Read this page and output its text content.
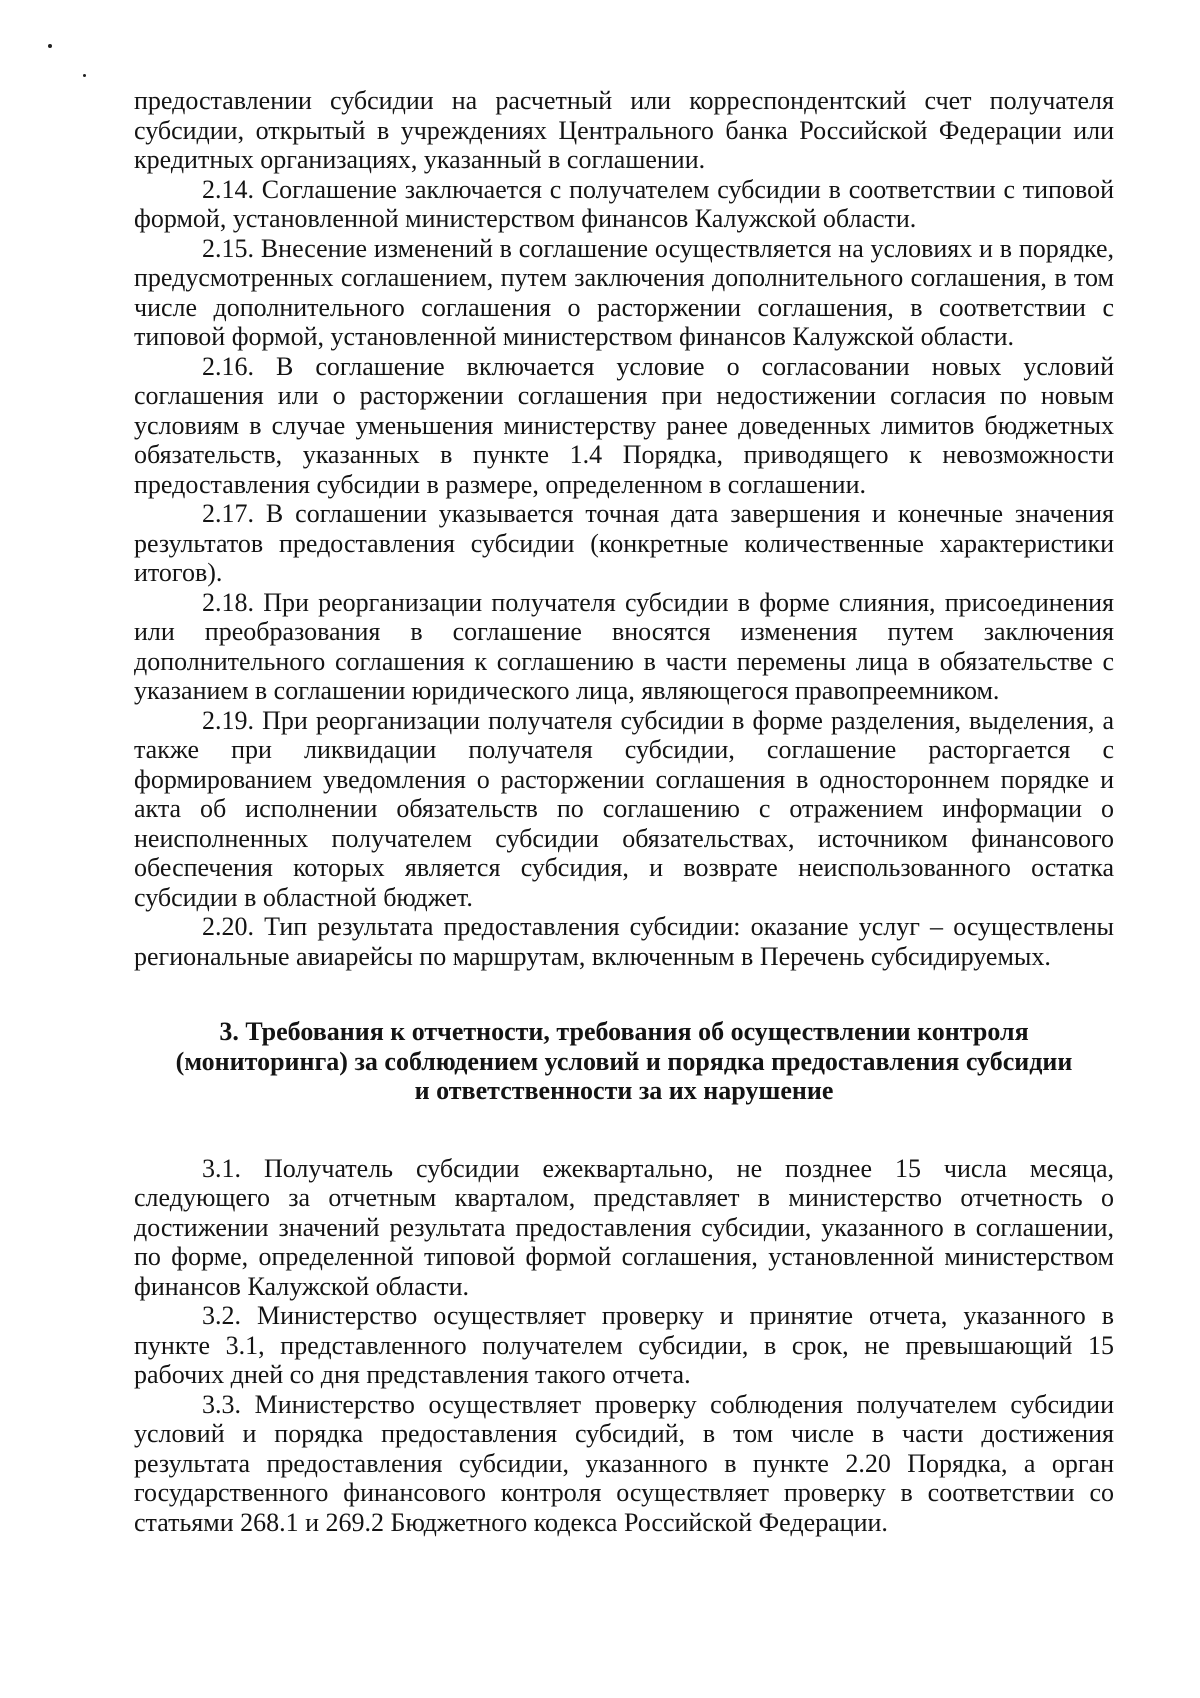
предоставлении субсидии на расчетный или корреспондентский счет получателя субсидии, открытый в учреждениях Центрального банка Российской Федерации или кредитных организациях, указанный в соглашении.

2.14. Соглашение заключается с получателем субсидии в соответствии с типовой формой, установленной министерством финансов Калужской области.

2.15. Внесение изменений в соглашение осуществляется на условиях и в порядке, предусмотренных соглашением, путем заключения дополнительного соглашения, в том числе дополнительного соглашения о расторжении соглашения, в соответствии с типовой формой, установленной министерством финансов Калужской области.

2.16. В соглашение включается условие о согласовании новых условий соглашения или о расторжении соглашения при недостижении согласия по новым условиям в случае уменьшения министерству ранее доведенных лимитов бюджетных обязательств, указанных в пункте 1.4 Порядка, приводящего к невозможности предоставления субсидии в размере, определенном в соглашении.

2.17. В соглашении указывается точная дата завершения и конечные значения результатов предоставления субсидии (конкретные количественные характеристики итогов).

2.18. При реорганизации получателя субсидии в форме слияния, присоединения или преобразования в соглашение вносятся изменения путем заключения дополнительного соглашения к соглашению в части перемены лица в обязательстве с указанием в соглашении юридического лица, являющегося правопреемником.

2.19. При реорганизации получателя субсидии в форме разделения, выделения, а также при ликвидации получателя субсидии, соглашение расторгается с формированием уведомления о расторжении соглашения в одностороннем порядке и акта об исполнении обязательств по соглашению с отражением информации о неисполненных получателем субсидии обязательствах, источником финансового обеспечения которых является субсидия, и возврате неиспользованного остатка субсидии в областной бюджет.

2.20. Тип результата предоставления субсидии: оказание услуг – осуществлены региональные авиарейсы по маршрутам, включенным в Перечень субсидируемых.

3. Требования к отчетности, требования об осуществлении контроля
(мониторинга) за соблюдением условий и порядка предоставления субсидии
и ответственности за их нарушение

3.1. Получатель субсидии ежеквартально, не позднее 15 числа месяца, следующего за отчетным кварталом, представляет в министерство отчетность о достижении значений результата предоставления субсидии, указанного в соглашении, по форме, определенной типовой формой соглашения, установленной министерством финансов Калужской области.

3.2. Министерство осуществляет проверку и принятие отчета, указанного в пункте 3.1, представленного получателем субсидии, в срок, не превышающий 15 рабочих дней со дня представления такого отчета.

3.3. Министерство осуществляет проверку соблюдения получателем субсидии условий и порядка предоставления субсидий, в том числе в части достижения результата предоставления субсидии, указанного в пункте 2.20 Порядка, а орган государственного финансового контроля осуществляет проверку в соответствии со статьями 268.1 и 269.2 Бюджетного кодекса Российской Федерации.
